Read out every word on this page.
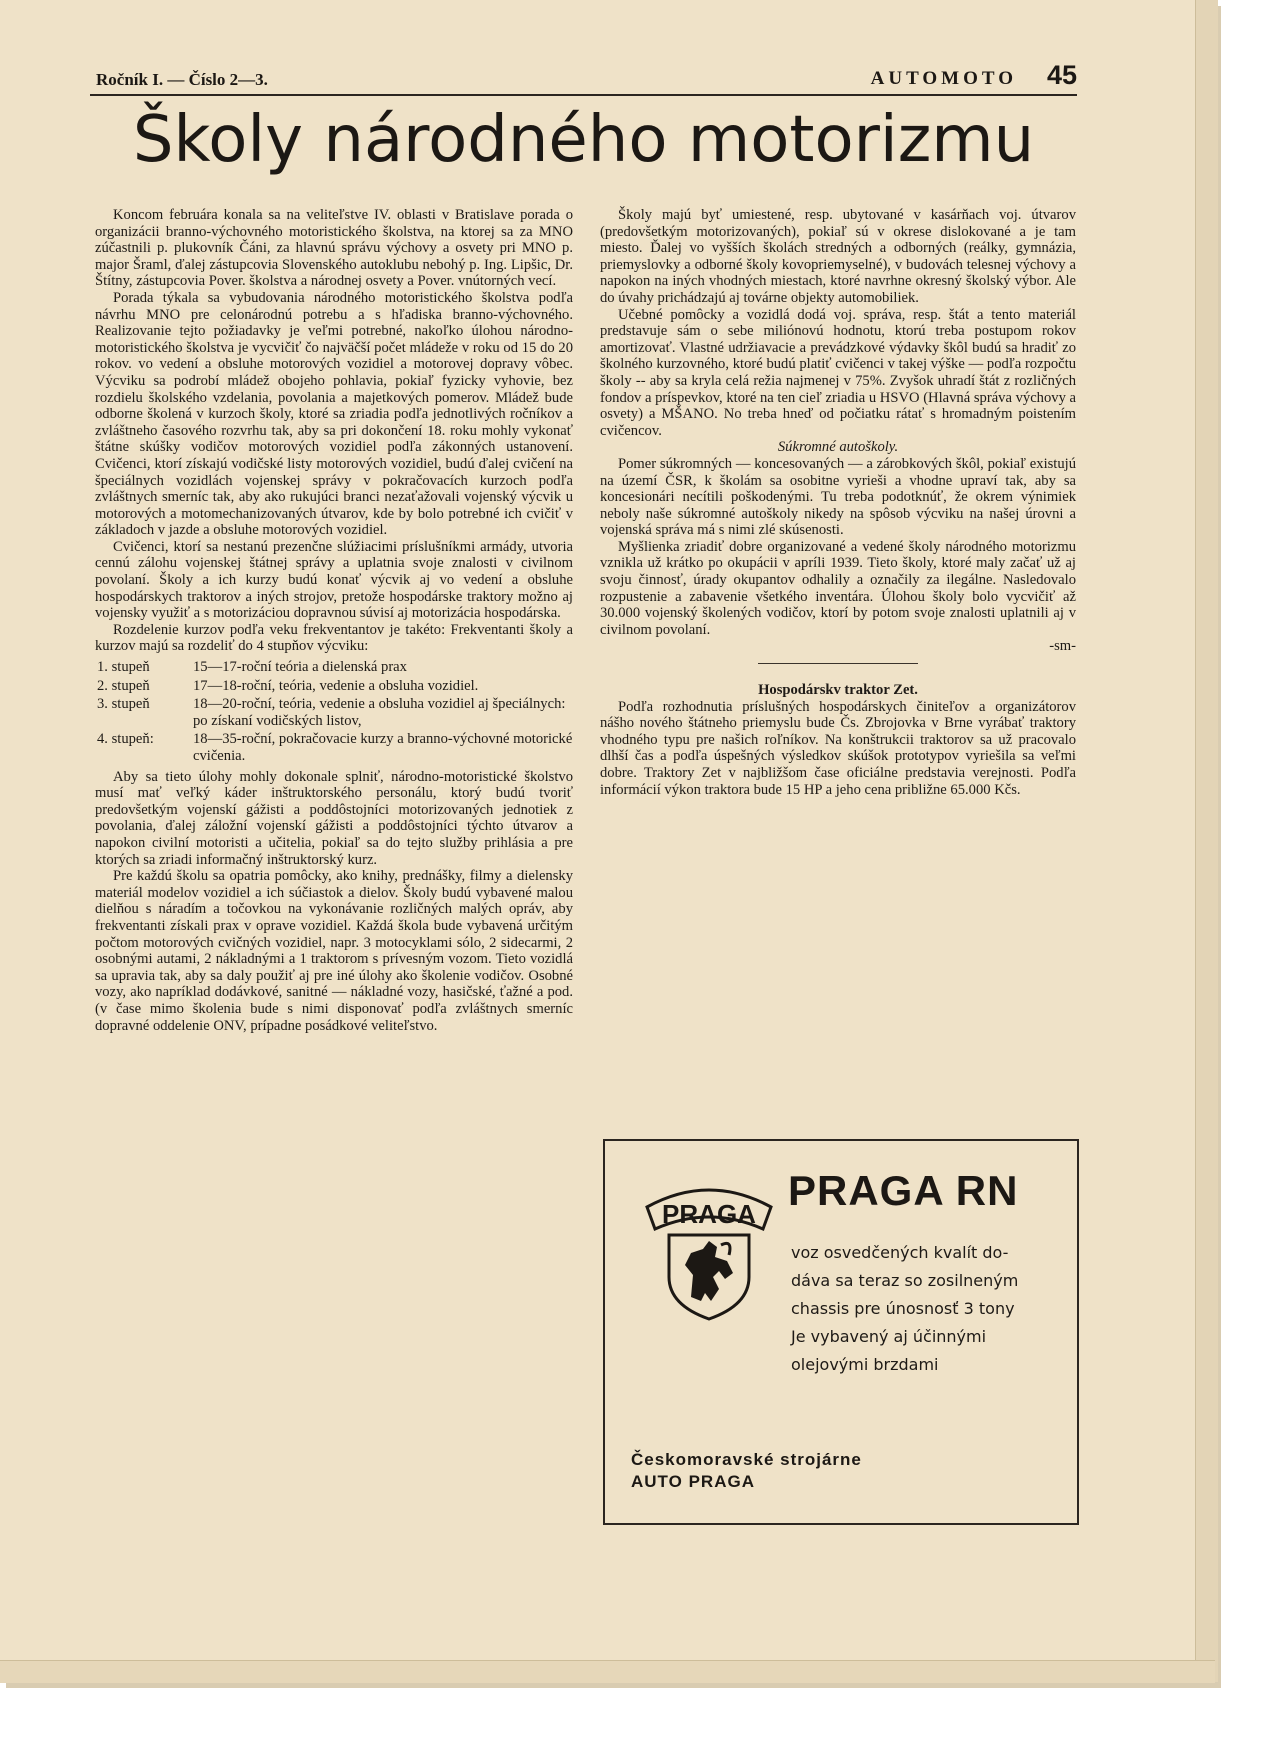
Ročník I. — Číslo 2—3.	AUTOMOTO 45
Školy národného motorizmu

Koncom februára konala sa na veliteľstve IV. oblasti v Bratislave porada o organizácii branno-výchovného motoristického školstva, na ktorej sa za MNO zúčastnili p. plukovník Čáni, za hlavnú správu výchovy a osvety pri MNO p. major Šraml, ďalej zástupcovia Slovenského autoklubu nebohý p. Ing. Lipšic, Dr. Štítny, zástupcovia Pover. školstva a národnej osvety a Pover. vnútorných vecí.

Porada týkala sa vybudovania národného motoristického školstva podľa návrhu MNO pre celonárodnú potrebu a s hľadiska branno-výchovného. Realizovanie tejto požiadavky je veľmi potrebné, nakoľko úlohou národno-motoristického školstva je vycvičiť čo najväčší počet mládeže v roku od 15 do 20 rokov. vo vedení a obsluhe motorových vozidiel a motorovej dopravy vôbec. Výcviku sa podrobí mládež obojeho pohlavia, pokiaľ fyzicky vyhovie, bez rozdielu školského vzdelania, povolania a majetkových pomerov. Mládež bude odborne školená v kurzoch školy, ktoré sa zriadia podľa jednotlivých ročníkov a zvláštneho časového rozvrhu tak, aby sa pri dokončení 18. roku mohly vykonať štátne skúšky vodičov motorových vozidiel podľa zákonných ustanovení. Cvičenci, ktorí získajú vodičské listy motorových vozidiel, budú ďalej cvičení na špeciálnych vozidlách vojenskej správy v pokračovacích kurzoch podľa zvláštnych smerníc tak, aby ako rukujúci branci nezaťažovali vojenský výcvik u motorových a motomechanizovaných útvarov, kde by bolo potrebné ich cvičiť v základoch v jazde a obsluhe motorových vozidiel.

Cvičenci, ktorí sa nestanú prezenčne slúžiacimi príslušníkmi armády, utvoria cennú zálohu vojenskej štátnej správy a uplatnia svoje znalosti v civilnom povolaní. Školy a ich kurzy budú konať výcvik aj vo vedení a obsluhe hospodárskych traktorov a iných strojov, pretože hospodárske traktory možno aj vojensky využiť a s motorizáciou dopravnou súvisí aj motorizácia hospodárska.

Rozdelenie kurzov podľa veku frekventantov je takéto: Frekventanti školy a kurzov majú sa rozdeliť do 4 stupňov výcviku:

1. stupeň	15—17-roční teória a dielenská prax
2. stupeň	17—18-roční, teória, vedenie a obsluha vozidiel.
3. stupeň	18—20-roční, teória, vedenie a obsluha vozidiel aj špeciálnych: po získaní vodičských listov,
4. stupeň:	18—35-roční, pokračovacie kurzy a branno-výchovné motorické cvičenia.

Aby sa tieto úlohy mohly dokonale splniť, národno-motoristické školstvo musí mať veľký káder inštruktorského personálu, ktorý budú tvoriť predovšetkým vojenskí gážisti a poddôstojníci motorizovaných jednotiek z povolania, ďalej záložní vojenskí gážisti a poddôstojníci týchto útvarov a napokon civilní motoristi a učitelia, pokiaľ sa do tejto služby prihlásia a pre ktorých sa zriadi informačný inštruktorský kurz.

Pre každú školu sa opatria pomôcky, ako knihy, prednášky, filmy a dielensky materiál modelov vozidiel a ich súčiastok a dielov. Školy budú vybavené malou dielňou s náradím a točovkou na vykonávanie rozličných malých opráv, aby frekventanti získali prax v oprave vozidiel. Každá škola bude vybavená určitým počtom motorových cvičných vozidiel, napr. 3 motocyklami sólo, 2 sidecarmi, 2 osobnými autami, 2 nákladnými a 1 traktorom s prívesným vozom. Tieto vozidlá sa upravia tak, aby sa daly použiť aj pre iné úlohy ako školenie vodičov. Osobné vozy, ako napríklad dodávkové, sanitné — nákladné vozy, hasičské, ťažné a pod. (v čase mimo školenia bude s nimi disponovať podľa zvláštnych smerníc dopravné oddelenie ONV, prípadne posádkové veliteľstvo.

Školy majú byť umiestené, resp. ubytované v kasárňach voj. útvarov (predovšetkým motorizovaných), pokiaľ sú v okrese dislokované a je tam miesto. Ďalej vo vyšších školách stredných a odborných (reálky, gymnázia, priemyslovky a odborné školy kovopriemyselné), v budovách telesnej výchovy a napokon na iných vhodných miestach, ktoré navrhne okresný školský výbor. Ale do úvahy prichádzajú aj továrne objekty automobiliek.

Učebné pomôcky a vozidlá dodá voj. správa, resp. štát a tento materiál predstavuje sám o sebe miliónovú hodnotu, ktorú treba postupom rokov amortizovať. Vlastné udržiavacie a prevádzkové výdavky škôl budú sa hradiť zo školného kurzovného, ktoré budú platiť cvičenci v takej výške — podľa rozpočtu školy -- aby sa kryla celá režia najmenej v 75%. Zvyšok uhradí štát z rozličných fondov a príspevkov, ktoré na ten cieľ zriadia u HSVO (Hlavná správa výchovy a osvety) a MŠANO. No treba hneď od počiatku rátať s hromadným poistením cvičencov.

Súkromné autoškoly.

Pomer súkromných — koncesovaných — a zárobkových škôl, pokiaľ existujú na území ČSR, k školám sa osobitne vyrieši a vhodne upraví tak, aby sa koncesionári necítili poškodenými. Tu treba podotknúť, že okrem výnimiek neboly naše súkromné autoškoly nikedy na spôsob výcviku na našej úrovni a vojenská správa má s nimi zlé skúsenosti.

Myšlienka zriadiť dobre organizované a vedené školy národného motorizmu vznikla už krátko po okupácii v apríli 1939. Tieto školy, ktoré maly začať už aj svoju činnosť, úrady okupantov odhalily a označily za ilegálne. Nasledovalo rozpustenie a zabavenie všetkého inventára. Úlohou školy bolo vycvičiť až 30.000 vojenský školených vodičov, ktorí by potom svoje znalosti uplatnili aj v civilnom povolaní.

-sm-

Hospodárskv traktor Zet.

Podľa rozhodnutia príslušných hospodárskych činiteľov a organizátorov nášho nového štátneho priemyslu bude Čs. Zbrojovka v Brne vyrábať traktory vhodného typu pre našich roľníkov. Na konštrukcii traktorov sa už pracovalo dlhší čas a podľa úspešných výsledkov skúšok prototypov vyriešila sa veľmi dobre. Traktory Zet v najbližšom čase oficiálne predstavia verejnosti. Podľa informácií výkon traktora bude 15 HP a jeho cena približne 65.000 Kčs.

PRAGA PRAGA RN
voz osvedčených kvalít do-
dáva sa teraz so zosilneným
chassis pre únosnosť 3 tony
Je vybavený aj účinnými
olejovými brzdami
Českomoravské strojárne
AUTO PRAGA
